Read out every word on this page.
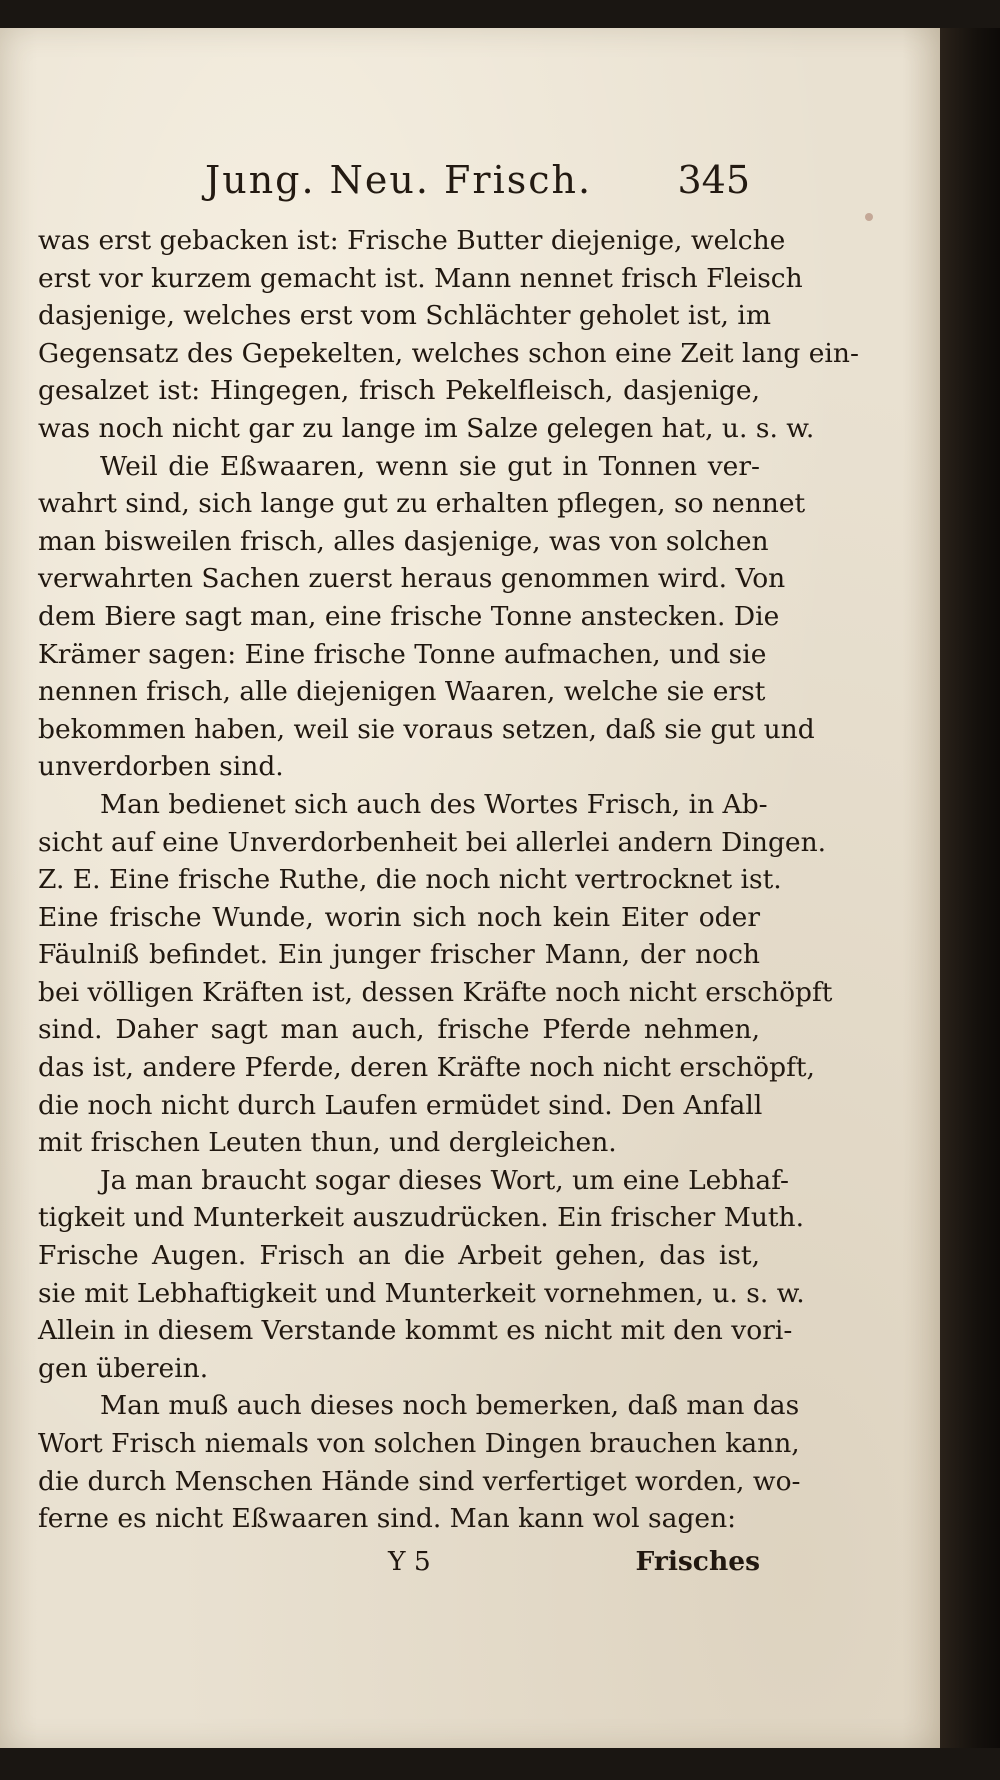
Jung. Neu. Frisch. 345
was erst gebacken ist: Frische Butter diejenige, welche
erst vor kurzem gemacht ist. Mann nennet frisch Fleisch
dasjenige, welches erst vom Schlächter geholet ist, im
Gegensatz des Gepekelten, welches schon eine Zeit lang ein-
gesalzet ist: Hingegen, frisch Pekelfleisch, dasjenige,
was noch nicht gar zu lange im Salze gelegen hat, u. s. w.
Weil die Eßwaaren, wenn sie gut in Tonnen ver-
wahrt sind, sich lange gut zu erhalten pflegen, so nennet
man bisweilen frisch, alles dasjenige, was von solchen
verwahrten Sachen zuerst heraus genommen wird. Von
dem Biere sagt man, eine frische Tonne anstecken. Die
Krämer sagen: Eine frische Tonne aufmachen, und sie
nennen frisch, alle diejenigen Waaren, welche sie erst
bekommen haben, weil sie voraus setzen, daß sie gut und
unverdorben sind.
Man bedienet sich auch des Wortes Frisch, in Ab-
sicht auf eine Unverdorbenheit bei allerlei andern Dingen.
Z. E. Eine frische Ruthe, die noch nicht vertrocknet ist.
Eine frische Wunde, worin sich noch kein Eiter oder
Fäulniß befindet. Ein junger frischer Mann, der noch
bei völligen Kräften ist, dessen Kräfte noch nicht erschöpft
sind. Daher sagt man auch, frische Pferde nehmen,
das ist, andere Pferde, deren Kräfte noch nicht erschöpft,
die noch nicht durch Laufen ermüdet sind. Den Anfall
mit frischen Leuten thun, und dergleichen.
Ja man braucht sogar dieses Wort, um eine Lebhaf-
tigkeit und Munterkeit auszudrücken. Ein frischer Muth.
Frische Augen. Frisch an die Arbeit gehen, das ist,
sie mit Lebhaftigkeit und Munterkeit vornehmen, u. s. w.
Allein in diesem Verstande kommt es nicht mit den vori-
gen überein.
Man muß auch dieses noch bemerken, daß man das
Wort Frisch niemals von solchen Dingen brauchen kann,
die durch Menschen Hände sind verfertiget worden, wo-
ferne es nicht Eßwaaren sind. Man kann wol sagen:
Y 5	Frisches
